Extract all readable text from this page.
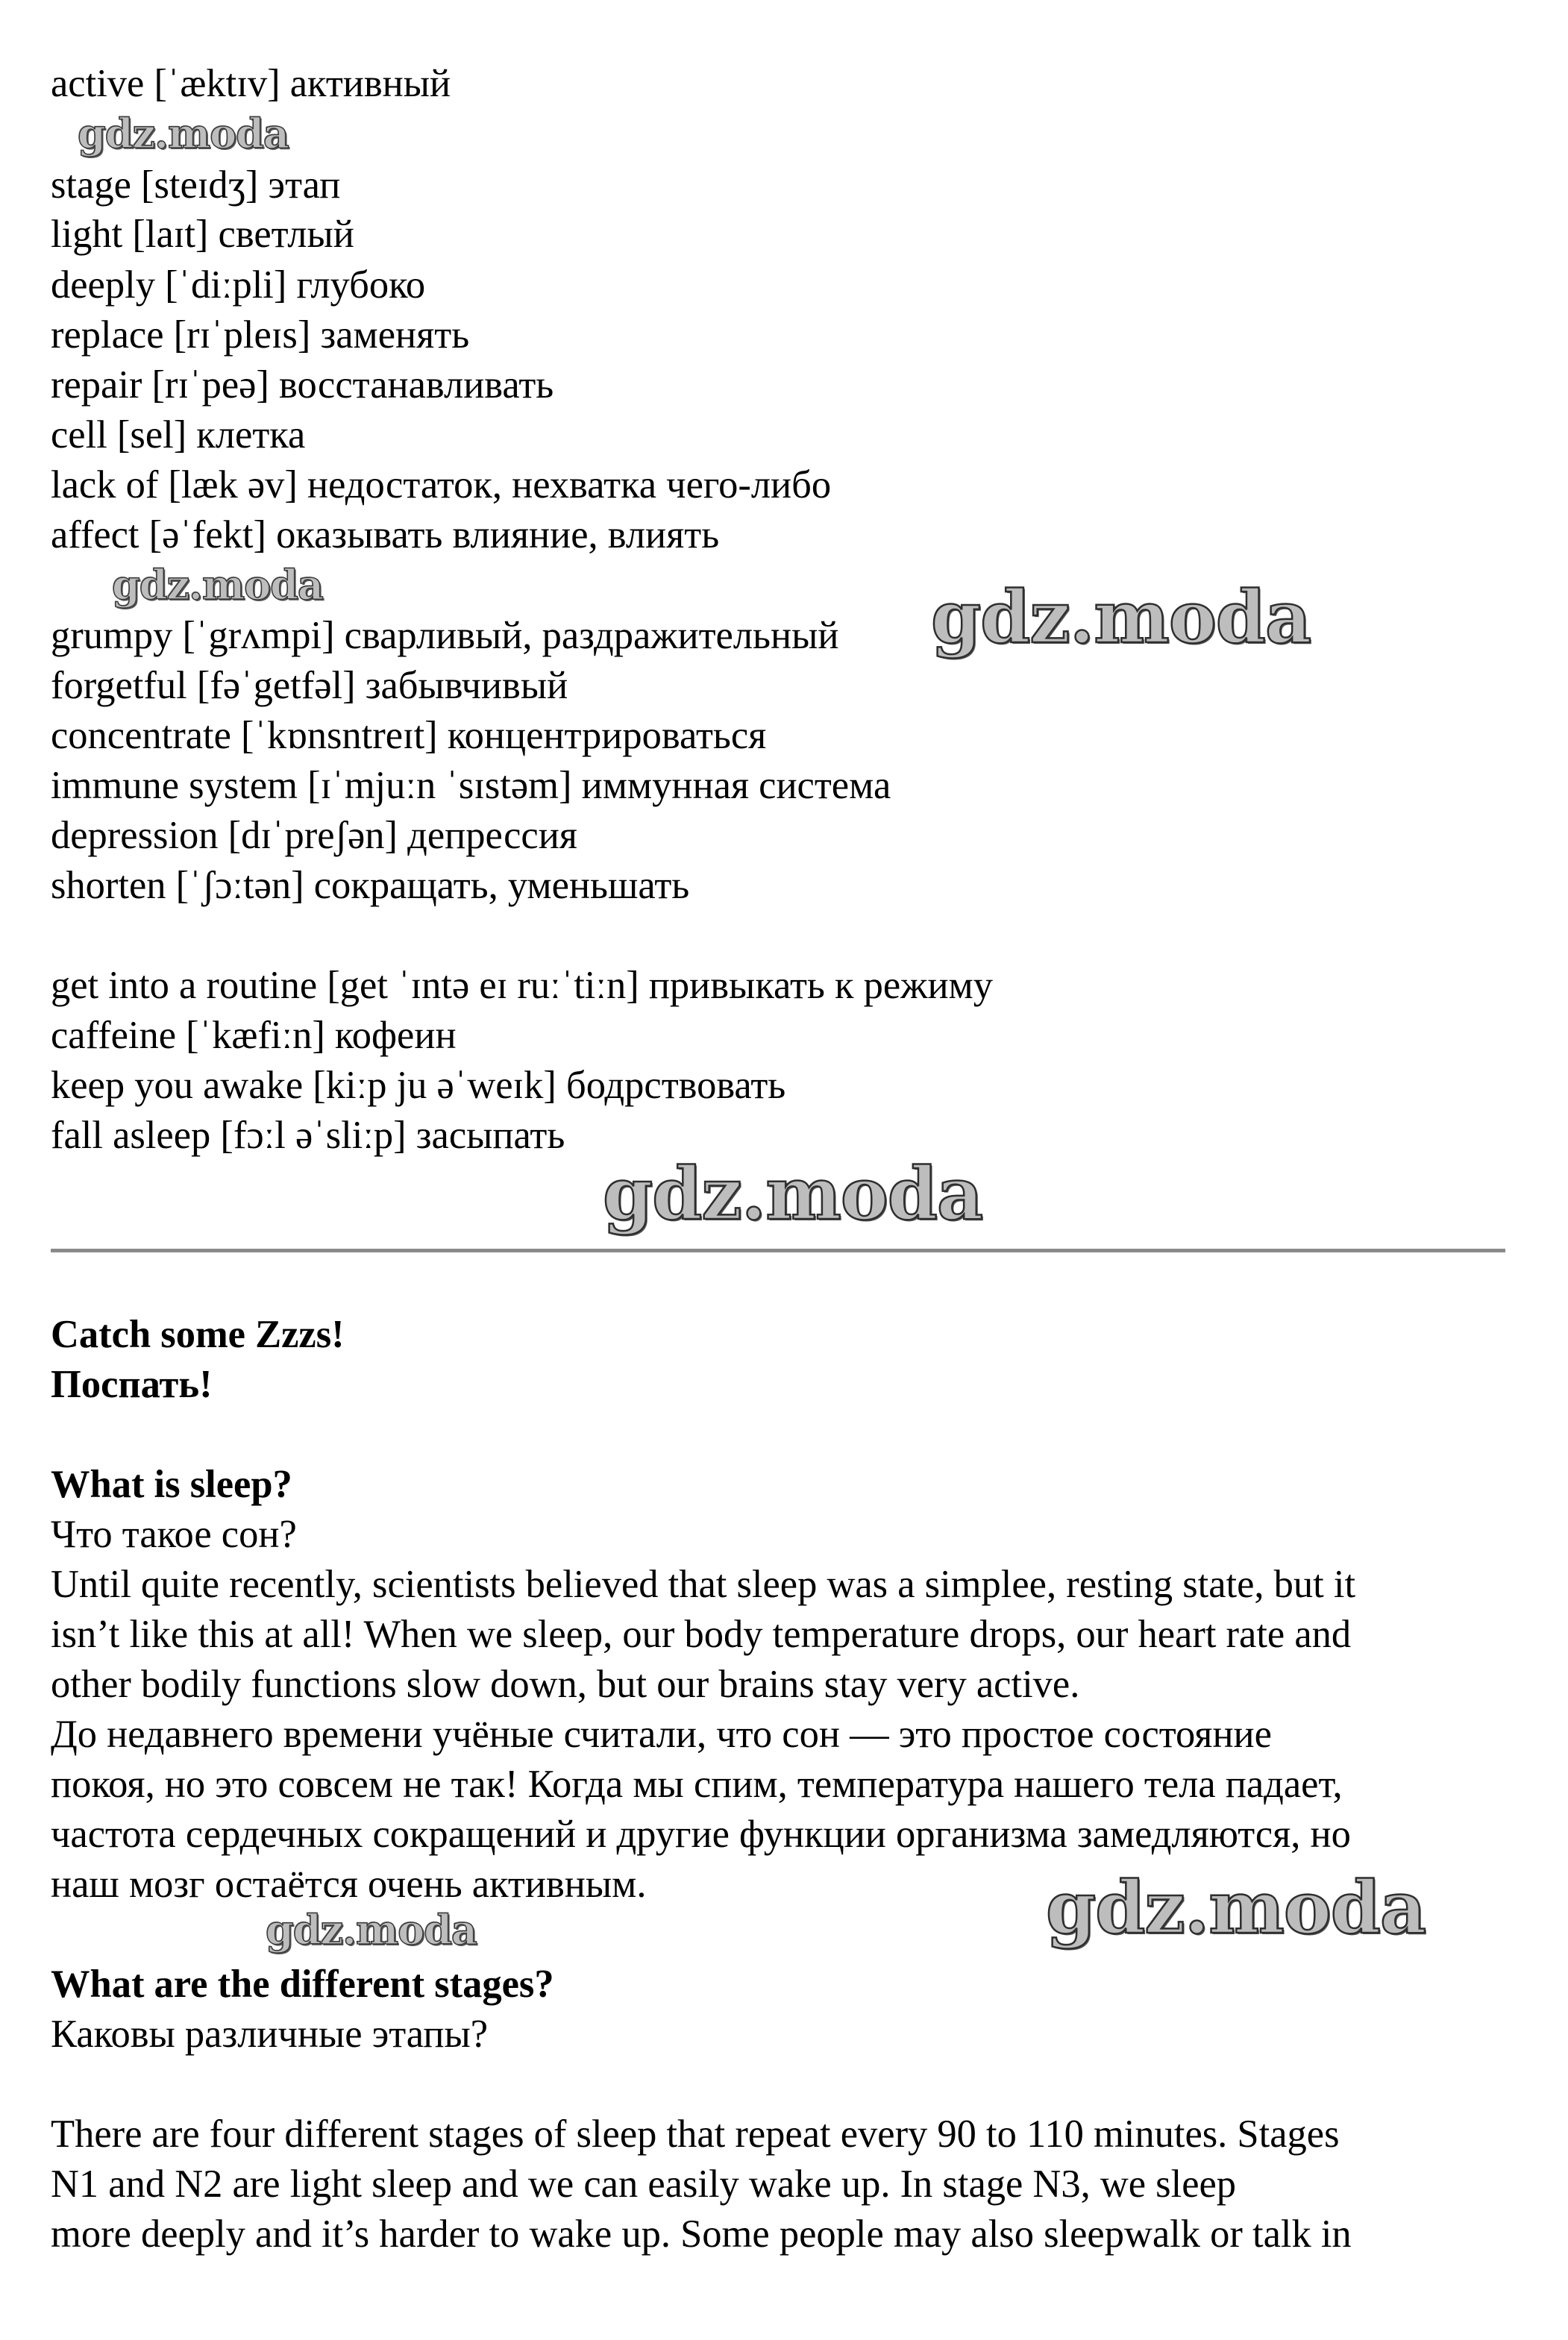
active [ˈæktɪv] активный
stage [steɪdʒ] этап
light [laɪt] светлый
deeply [ˈdiːpli] глубоко
replace [rɪˈpleɪs] заменять
repair [rɪˈpeə] восстанавливать
cell [sel] клетка
lack of [læk əv] недостаток, нехватка чего-либо
affect [əˈfekt] оказывать влияние, влиять
grumpy [ˈgrʌmpi] сварливый, раздражительный
forgetful [fəˈgetfəl] забывчивый
concentrate [ˈkɒnsntreɪt] концентрироваться
immune system [ɪˈmjuːn ˈsɪstəm] иммунная система
depression [dɪˈpreʃən] депрессия
shorten [ˈʃɔːtən] сокращать, уменьшать
get into a routine [get ˈɪntə eɪ ruːˈtiːn] привыкать к режиму
caffeine [ˈkæfiːn] кофеин
keep you awake [kiːp ju əˈweɪk] бодрствовать
fall asleep [fɔːl əˈsliːp] засыпать
Catch some Zzzs!
Поспать!
What is sleep?
Что такое сон?
Until quite recently, scientists believed that sleep was a simplee, resting state, but it
isn’t like this at all! When we sleep, our body temperature drops, our heart rate and
other bodily functions slow down, but our brains stay very active.
До недавнего времени учёные считали, что сон — это простое состояние
покоя, но это совсем не так! Когда мы спим, температура нашего тела падает,
частота сердечных сокращений и другие функции организма замедляются, но
наш мозг остаётся очень активным.
What are the different stages?
Каковы различные этапы?
There are four different stages of sleep that repeat every 90 to 110 minutes. Stages
N1 and N2 are light sleep and we can easily wake up. In stage N3, we sleep
more deeply and it’s harder to wake up. Some people may also sleepwalk or talk in
gdz.moda
gdz.moda	gdz.moda
gdz.moda
gdz.moda
gdz.moda
